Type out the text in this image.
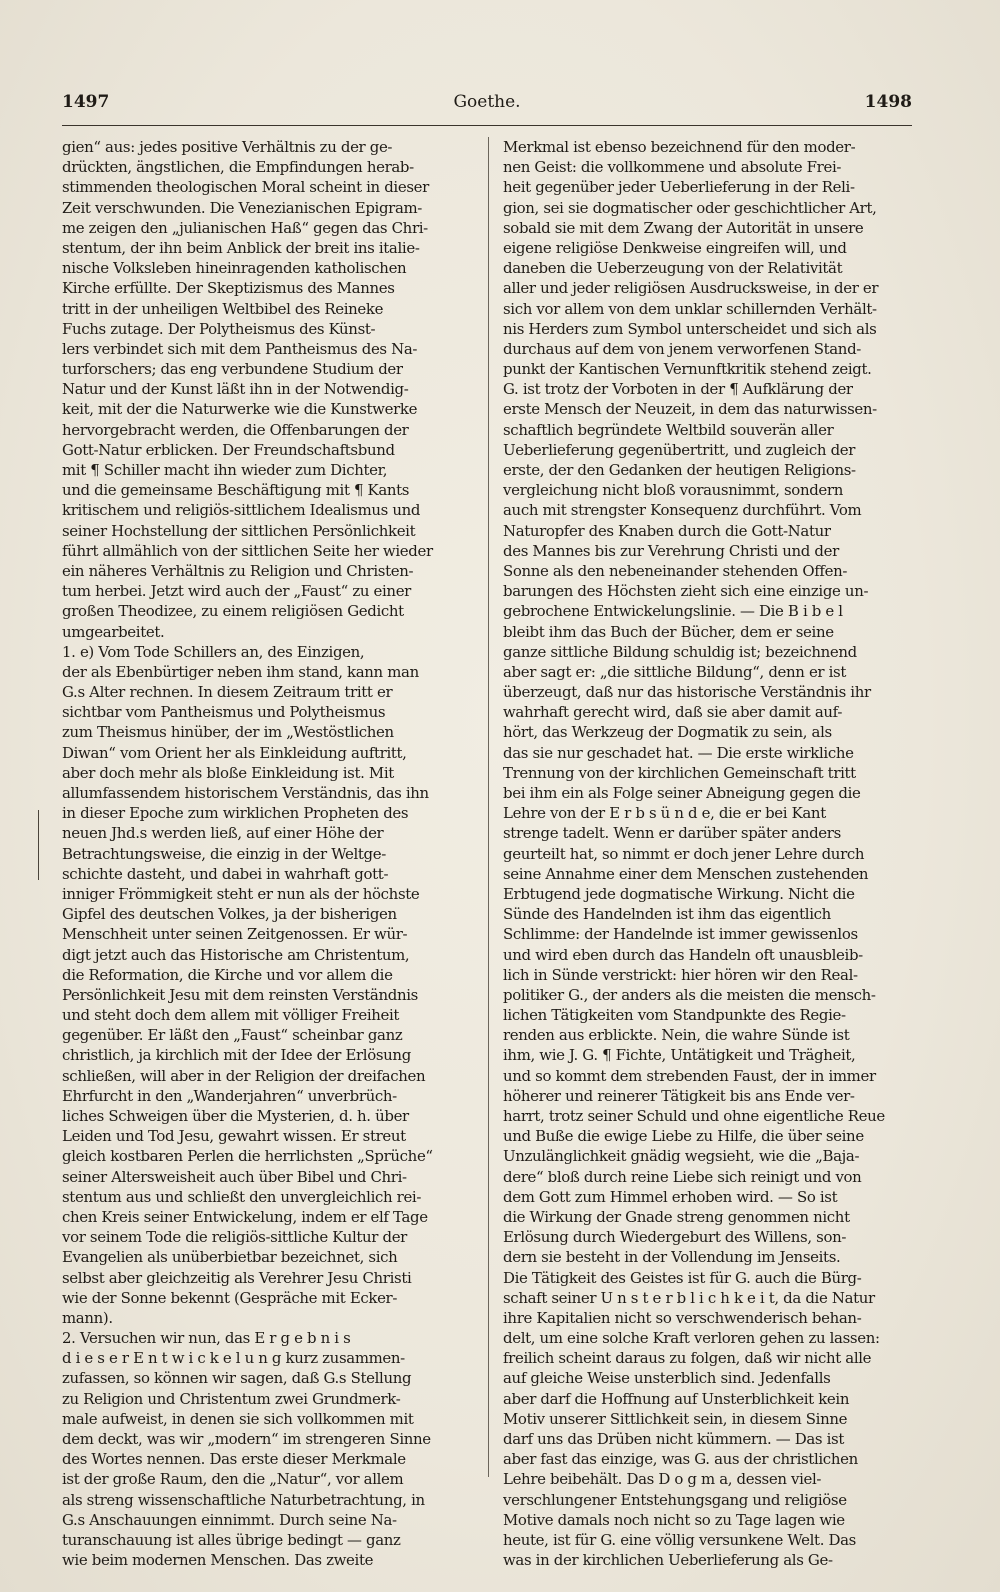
1497	Goethe.	1498
gien“ aus: jedes positive Verhältnis zu der ge-
drückten, ängstlichen, die Empfindungen herab-
stimmenden theologischen Moral scheint in dieser
Zeit verschwunden. Die Venezianischen Epigram-
me zeigen den „julianischen Haß“ gegen das Chri-
stentum, der ihn beim Anblick der breit ins italie-
nische Volksleben hineinragenden katholischen
Kirche erfüllte. Der Skeptizismus des Mannes
tritt in der unheiligen Weltbibel des Reineke
Fuchs zutage. Der Polytheismus des Künst-
lers verbindet sich mit dem Pantheismus des Na-
turforschers; das eng verbundene Studium der
Natur und der Kunst läßt ihn in der Notwendig-
keit, mit der die Naturwerke wie die Kunstwerke
hervorgebracht werden, die Offenbarungen der
Gott-Natur erblicken. Der Freundschaftsbund
mit ¶ Schiller macht ihn wieder zum Dichter,
und die gemeinsame Beschäftigung mit ¶ Kants
kritischem und religiös-sittlichem Idealismus und
seiner Hochstellung der sittlichen Persönlichkeit
führt allmählich von der sittlichen Seite her wieder
ein näheres Verhältnis zu Religion und Christen-
tum herbei. Jetzt wird auch der „Faust“ zu einer
großen Theodizee, zu einem religiösen Gedicht
umgearbeitet.
1. e) Vom Tode Schillers an, des Einzigen,
der als Ebenbürtiger neben ihm stand, kann man
G.s Alter rechnen. In diesem Zeitraum tritt er
sichtbar vom Pantheismus und Polytheismus
zum Theismus hinüber, der im „Westöstlichen
Diwan“ vom Orient her als Einkleidung auftritt,
aber doch mehr als bloße Einkleidung ist. Mit
allumfassendem historischem Verständnis, das ihn
in dieser Epoche zum wirklichen Propheten des
neuen Jhd.s werden ließ, auf einer Höhe der
Betrachtungsweise, die einzig in der Weltge-
schichte dasteht, und dabei in wahrhaft gott-
inniger Frömmigkeit steht er nun als der höchste
Gipfel des deutschen Volkes, ja der bisherigen
Menschheit unter seinen Zeitgenossen. Er wür-
digt jetzt auch das Historische am Christentum,
die Reformation, die Kirche und vor allem die
Persönlichkeit Jesu mit dem reinsten Verständnis
und steht doch dem allem mit völliger Freiheit
gegenüber. Er läßt den „Faust“ scheinbar ganz
christlich, ja kirchlich mit der Idee der Erlösung
schließen, will aber in der Religion der dreifachen
Ehrfurcht in den „Wanderjahren“ unverbrüch-
liches Schweigen über die Mysterien, d. h. über
Leiden und Tod Jesu, gewahrt wissen. Er streut
gleich kostbaren Perlen die herrlichsten „Sprüche“
seiner Altersweisheit auch über Bibel und Chri-
stentum aus und schließt den unvergleichlich rei-
chen Kreis seiner Entwickelung, indem er elf Tage
vor seinem Tode die religiös-sittliche Kultur der
Evangelien als unüberbietbar bezeichnet, sich
selbst aber gleichzeitig als Verehrer Jesu Christi
wie der Sonne bekennt (Gespräche mit Ecker-
mann).
2. Versuchen wir nun, das E r g e b n i s
d i e s e r E n t w i c k e l u n g kurz zusammen-
zufassen, so können wir sagen, daß G.s Stellung
zu Religion und Christentum zwei Grundmerk-
male aufweist, in denen sie sich vollkommen mit
dem deckt, was wir „modern“ im strengeren Sinne
des Wortes nennen. Das erste dieser Merkmale
ist der große Raum, den die „Natur“, vor allem
als streng wissenschaftliche Naturbetrachtung, in
G.s Anschauungen einnimmt. Durch seine Na-
turanschauung ist alles übrige bedingt — ganz
wie beim modernen Menschen. Das zweite
Merkmal ist ebenso bezeichnend für den moder-
nen Geist: die vollkommene und absolute Frei-
heit gegenüber jeder Ueberlieferung in der Reli-
gion, sei sie dogmatischer oder geschichtlicher Art,
sobald sie mit dem Zwang der Autorität in unsere
eigene religiöse Denkweise eingreifen will, und
daneben die Ueberzeugung von der Relativität
aller und jeder religiösen Ausdrucksweise, in der er
sich vor allem von dem unklar schillernden Verhält-
nis Herders zum Symbol unterscheidet und sich als
durchaus auf dem von jenem verworfenen Stand-
punkt der Kantischen Vernunftkritik stehend zeigt.
G. ist trotz der Vorboten in der ¶ Aufklärung der
erste Mensch der Neuzeit, in dem das naturwissen-
schaftlich begründete Weltbild souverän aller
Ueberlieferung gegenübertritt, und zugleich der
erste, der den Gedanken der heutigen Religions-
vergleichung nicht bloß vorausnimmt, sondern
auch mit strengster Konsequenz durchführt. Vom
Naturopfer des Knaben durch die Gott-Natur
des Mannes bis zur Verehrung Christi und der
Sonne als den nebeneinander stehenden Offen-
barungen des Höchsten zieht sich eine einzige un-
gebrochene Entwickelungslinie. — Die B i b e l
bleibt ihm das Buch der Bücher, dem er seine
ganze sittliche Bildung schuldig ist; bezeichnend
aber sagt er: „die sittliche Bildung“, denn er ist
überzeugt, daß nur das historische Verständnis ihr
wahrhaft gerecht wird, daß sie aber damit auf-
hört, das Werkzeug der Dogmatik zu sein, als
das sie nur geschadet hat. — Die erste wirkliche
Trennung von der kirchlichen Gemeinschaft tritt
bei ihm ein als Folge seiner Abneigung gegen die
Lehre von der E r b s ü n d e, die er bei Kant
strenge tadelt. Wenn er darüber später anders
geurteilt hat, so nimmt er doch jener Lehre durch
seine Annahme einer dem Menschen zustehenden
Erbtugend jede dogmatische Wirkung. Nicht die
Sünde des Handelnden ist ihm das eigentlich
Schlimme: der Handelnde ist immer gewissenlos
und wird eben durch das Handeln oft unausbleib-
lich in Sünde verstrickt: hier hören wir den Real-
politiker G., der anders als die meisten die mensch-
lichen Tätigkeiten vom Standpunkte des Regie-
renden aus erblickte. Nein, die wahre Sünde ist
ihm, wie J. G. ¶ Fichte, Untätigkeit und Trägheit,
und so kommt dem strebenden Faust, der in immer
höherer und reinerer Tätigkeit bis ans Ende ver-
harrt, trotz seiner Schuld und ohne eigentliche Reue
und Buße die ewige Liebe zu Hilfe, die über seine
Unzulänglichkeit gnädig wegsieht, wie die „Baja-
dere“ bloß durch reine Liebe sich reinigt und von
dem Gott zum Himmel erhoben wird. — So ist
die Wirkung der Gnade streng genommen nicht
Erlösung durch Wiedergeburt des Willens, son-
dern sie besteht in der Vollendung im Jenseits.
Die Tätigkeit des Geistes ist für G. auch die Bürg-
schaft seiner U n s t e r b l i c h k e i t, da die Natur
ihre Kapitalien nicht so verschwenderisch behan-
delt, um eine solche Kraft verloren gehen zu lassen:
freilich scheint daraus zu folgen, daß wir nicht alle
auf gleiche Weise unsterblich sind. Jedenfalls
aber darf die Hoffnung auf Unsterblichkeit kein
Motiv unserer Sittlichkeit sein, in diesem Sinne
darf uns das Drüben nicht kümmern. — Das ist
aber fast das einzige, was G. aus der christlichen
Lehre beibehält. Das D o g m a, dessen viel-
verschlungener Entstehungsgang und religiöse
Motive damals noch nicht so zu Tage lagen wie
heute, ist für G. eine völlig versunkene Welt. Das
was in der kirchlichen Ueberlieferung als Ge-
